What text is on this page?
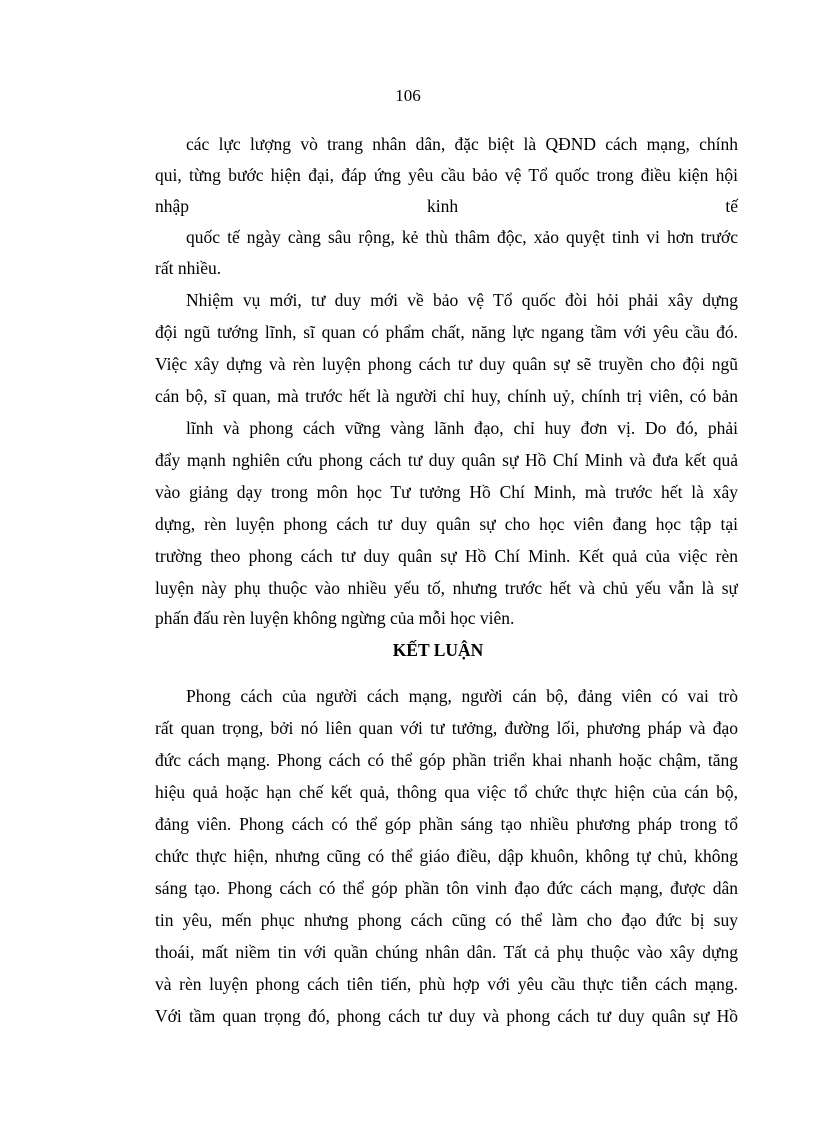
106
các lực lượng vò trang nhân dân, đặc biệt là QĐND cách mạng, chính
qui, từng bước hiện đại, đáp ứng yêu cầu bảo vệ Tổ quốc trong điều kiện hội
nhập	kinh	tế
quốc tế ngày càng sâu rộng, kẻ thù thâm độc, xảo quyệt tinh vi hơn trước
rất nhiều.
Nhiệm vụ mới, tư duy mới về bảo vệ Tổ quốc đòi hỏi phải xây dựng
đội ngũ tướng lĩnh, sĩ quan có phẩm chất, năng lực ngang tầm với yêu cầu đó.
Việc xây dựng và rèn luyện phong cách tư duy quân sự sẽ truyền cho đội ngũ
cán bộ, sĩ quan, mà trước hết là người chỉ huy, chính uỷ, chính trị viên, có bản
lĩnh và phong cách vững vàng lãnh đạo, chỉ huy đơn vị. Do đó, phải
đẩy mạnh nghiên cứu phong cách tư duy quân sự Hồ Chí Minh và đưa kết quả
vào giảng dạy trong môn học Tư tưởng Hồ Chí Minh, mà trước hết là xây
dựng, rèn luyện phong cách tư duy quân sự cho học viên đang học tập tại
trường theo phong cách tư duy quân sự Hồ Chí Minh. Kết quả của việc rèn
luyện này phụ thuộc vào nhiều yếu tố, nhưng trước hết và chủ yếu vẫn là sự
phấn đấu rèn luyện không ngừng của mỗi học viên.
KẾT LUẬN
Phong cách của người cách mạng, người cán bộ, đảng viên có vai trò
rất quan trọng, bởi nó liên quan với tư tưởng, đường lối, phương pháp và đạo
đức cách mạng. Phong cách có thể góp phần triển khai nhanh hoặc chậm, tăng
hiệu quả hoặc hạn chế kết quả, thông qua việc tổ chức thực hiện của cán bộ,
đảng viên. Phong cách có thể góp phần sáng tạo nhiều phương pháp trong tổ
chức thực hiện, nhưng cũng có thể giáo điều, dập khuôn, không tự chủ, không
sáng tạo. Phong cách có thể góp phần tôn vinh đạo đức cách mạng, được dân
tin yêu, mến phục nhưng phong cách cũng có thể làm cho đạo đức bị suy
thoái, mất niềm tin với quần chúng nhân dân. Tất cả phụ thuộc vào xây dựng
và rèn luyện phong cách tiên tiến, phù hợp với yêu cầu thực tiễn cách mạng.
Với tầm quan trọng đó, phong cách tư duy và phong cách tư duy quân sự Hồ
